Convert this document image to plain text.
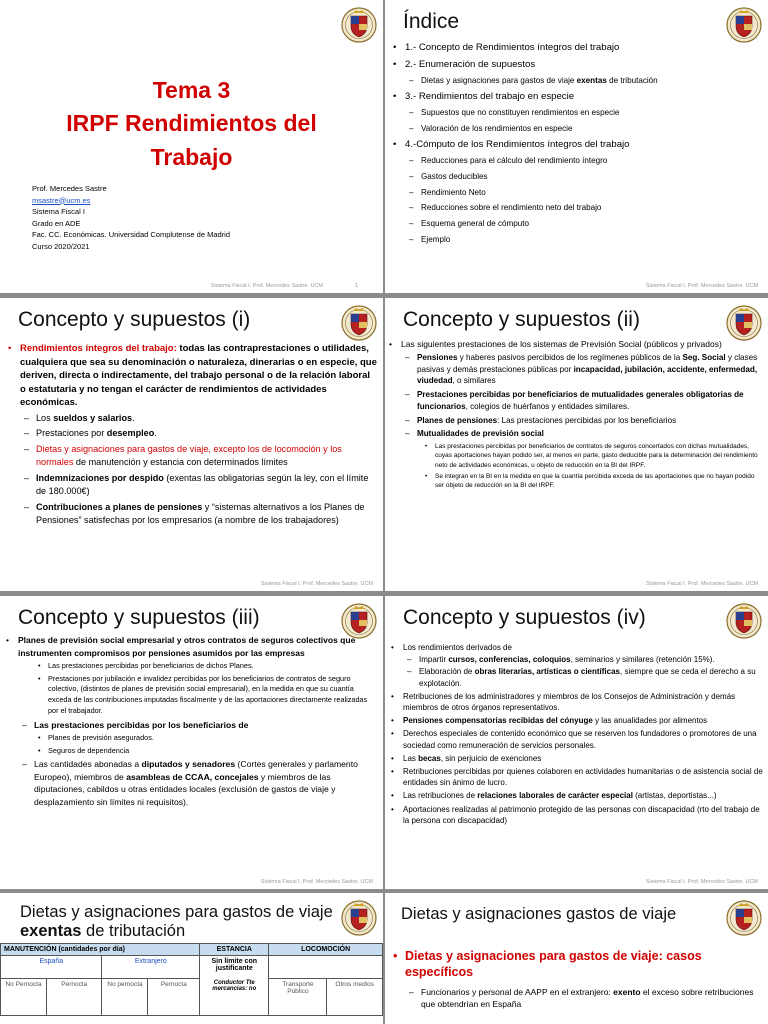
Tema 3
IRPF Rendimientos del
Trabajo
Prof. Mercedes Sastre
msastre@ucm.es
Sistema Fiscal I
Grado en ADE
Fac. CC. Económicas. Universidad Complutense de Madrid
Curso 2020/2021
Sistema Fiscal I. Prof. Mercedes Sastre. UCM	1
Índice
• 1.- Concepto de Rendimientos íntegros del trabajo
• 2.- Enumeración de supuestos
– Dietas y asignaciones para gastos de viaje exentas de tributación
• 3.- Rendimientos del trabajo en especie
– Supuestos que no constituyen rendimientos en especie
– Valoración de los rendimientos en especie
• 4.-Cómputo de los Rendimientos íntegros del trabajo
– Reducciones para el cálculo del rendimiento íntegro
– Gastos deducibles
– Rendimiento Neto
– Reducciones sobre el rendimiento neto del trabajo
– Esquema general de cómputo
– Ejemplo
Sistema Fiscal I. Prof. Mercedes Sastre. UCM
Concepto y supuestos (i)
• Rendimientos íntegros del trabajo: todas las contraprestaciones o utilidades, cualquiera que sea su denominación o naturaleza, dinerarias o en especie, que deriven, directa o indirectamente, del trabajo personal o de la relación laboral o estatutaria y no tengan el carácter de rendimientos de actividades económicas.
– Los sueldos y salarios.
– Prestaciones por desempleo.
– Dietas y asignaciones para gastos de viaje, excepto los de locomoción y los normales de manutención y estancia con determinados límites
– Indemnizaciones por despido (exentas las obligatorias según la ley, con el límite de 180.000€)
– Contribuciones a planes de pensiones y “sistemas alternativos a los Planes de Pensiones” satisfechas por los empresarios (a nombre de los trabajadores)
Sistema Fiscal I. Prof. Mercedes Sastre. UCM
Concepto y supuestos (ii)
• Las siguientes prestaciones de los sistemas de Previsión Social (públicos y privados)
– Pensiones y haberes pasivos percibidos de los regímenes públicos de la Seg. Social y clases pasivas y demás prestaciones públicas por incapacidad, jubilación, accidente, enfermedad, viudedad, o similares
– Prestaciones percibidas por beneficiarios de mutualidades generales obligatorias de funcionarios, colegios de huérfanos y entidades similares.
– Planes de pensiones: Las prestaciones percibidas por los beneficiarios
– Mutualidades de previsión social
• Las prestaciones percibidas por beneficiarios de contratos de seguros concertados con dichas mutualidades, cuyas aportaciones hayan podido ser, al menos en parte, gasto deducible para la determinación del rendimiento neto de actividades económicas, u objeto de reducción en la BI del IRPF.
• Se integran en la BI en la medida en que la cuantía percibida exceda de las aportaciones que no hayan podido ser objeto de reducción en la BI del IRPF.
Sistema Fiscal I. Prof. Mercedes Sastre. UCM
Concepto y supuestos (iii)
• Planes de previsión social empresarial y otros contratos de seguros colectivos que instrumenten compromisos por pensiones asumidos por las empresas
• Las prestaciones percibidas por beneficiarios de dichos Planes.
• Prestaciones por jubilación e invalidez percibidas por los beneficiarios de contratos de seguro colectivo, (distintos de planes de previsión social empresarial), en la medida en que su cuantía exceda de las contribuciones imputadas fiscalmente y de las aportaciones directamente realizadas por el trabajador.
– Las prestaciones percibidas por los beneficiarios de
• Planes de previsión asegurados.
• Seguros de dependencia
– Las cantidades abonadas a diputados y senadores (Cortes generales y parlamento Europeo), miembros de asambleas de CCAA, concejales y miembros de las diputaciones, cabildos u otras entidades locales (exclusión de gastos de viaje y desplazamiento sin límites ni requisitos).
Sistema Fiscal I. Prof. Mercedes Sastre. UCM
Concepto y supuestos (iv)
• Los rendimientos derivados de
– Impartir cursos, conferencias, coloquios, seminarios y similares (retención 15%).
– Elaboración de obras literarias, artísticas o científicas, siempre que se ceda el derecho a su explotación.
• Retribuciones de los administradores y miembros de los Consejos de Administración y demás miembros de otros órganos representativos.
• Pensiones compensatorias recibidas del cónyuge y las anualidades por alimentos
• Derechos especiales de contenido económico que se reserven los fundadores o promotores de una sociedad como remuneración de servicios personales.
• Las becas, sin perjuicio de exenciones
• Retribuciones percibidas por quienes colaboren en actividades humanitarias o de asistencia social de entidades sin ánimo de lucro.
• Las retribuciones de relaciones laborales de carácter especial (artistas, deportistas...)
• Aportaciones realizadas al patrimonio protegido de las personas con discapacidad (rto del trabajo de la persona con discapacidad)
Sistema Fiscal I. Prof. Mercedes Sastre. UCM
Dietas y asignaciones para gastos de viaje exentas de tributación
MANUTENCIÓN (cantidades por día)				ESTANCIA	LOCOMOCIÓN	
España		Extranjero		Sin límite con justificante
Conductor Tte mercancías: no		

No Pernocta	Pernocta	No pernocta	Pernocta		Transporte Público	Otros medios
Dietas y asignaciones gastos de viaje
• Dietas y asignaciones para gastos de viaje: casos específicos
– Funcionarios y personal de AAPP en el extranjero: exento el exceso sobre retribuciones que obtendrían en España
